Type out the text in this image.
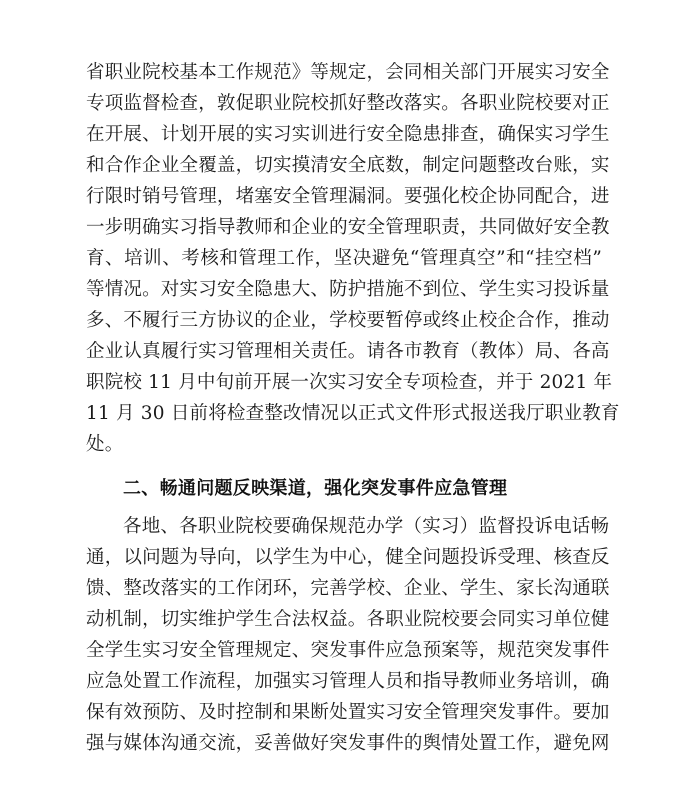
省职业院校基本工作规范》等规定，会同相关部门开展实习安全
专项监督检查，敦促职业院校抓好整改落实。各职业院校要对正
在开展、计划开展的实习实训进行安全隐患排查，确保实习学生
和合作企业全覆盖，切实摸清安全底数，制定问题整改台账，实
行限时销号管理，堵塞安全管理漏洞。要强化校企协同配合，进
一步明确实习指导教师和企业的安全管理职责，共同做好安全教
育、培训、考核和管理工作，坚决避免“管理真空”和“挂空档”
等情况。对实习安全隐患大、防护措施不到位、学生实习投诉量
多、不履行三方协议的企业，学校要暂停或终止校企合作，推动
企业认真履行实习管理相关责任。请各市教育（教体）局、各高
职院校 11 月中旬前开展一次实习安全专项检查，并于 2021 年
11 月 30 日前将检查整改情况以正式文件形式报送我厅职业教育
处。
二、畅通问题反映渠道，强化突发事件应急管理
各地、各职业院校要确保规范办学（实习）监督投诉电话畅
通，以问题为导向，以学生为中心，健全问题投诉受理、核查反
馈、整改落实的工作闭环，完善学校、企业、学生、家长沟通联
动机制，切实维护学生合法权益。各职业院校要会同实习单位健
全学生实习安全管理规定、突发事件应急预案等，规范突发事件
应急处置工作流程，加强实习管理人员和指导教师业务培训，确
保有效预防、及时控制和果断处置实习安全管理突发事件。要加
强与媒体沟通交流，妥善做好突发事件的舆情处置工作，避免网
